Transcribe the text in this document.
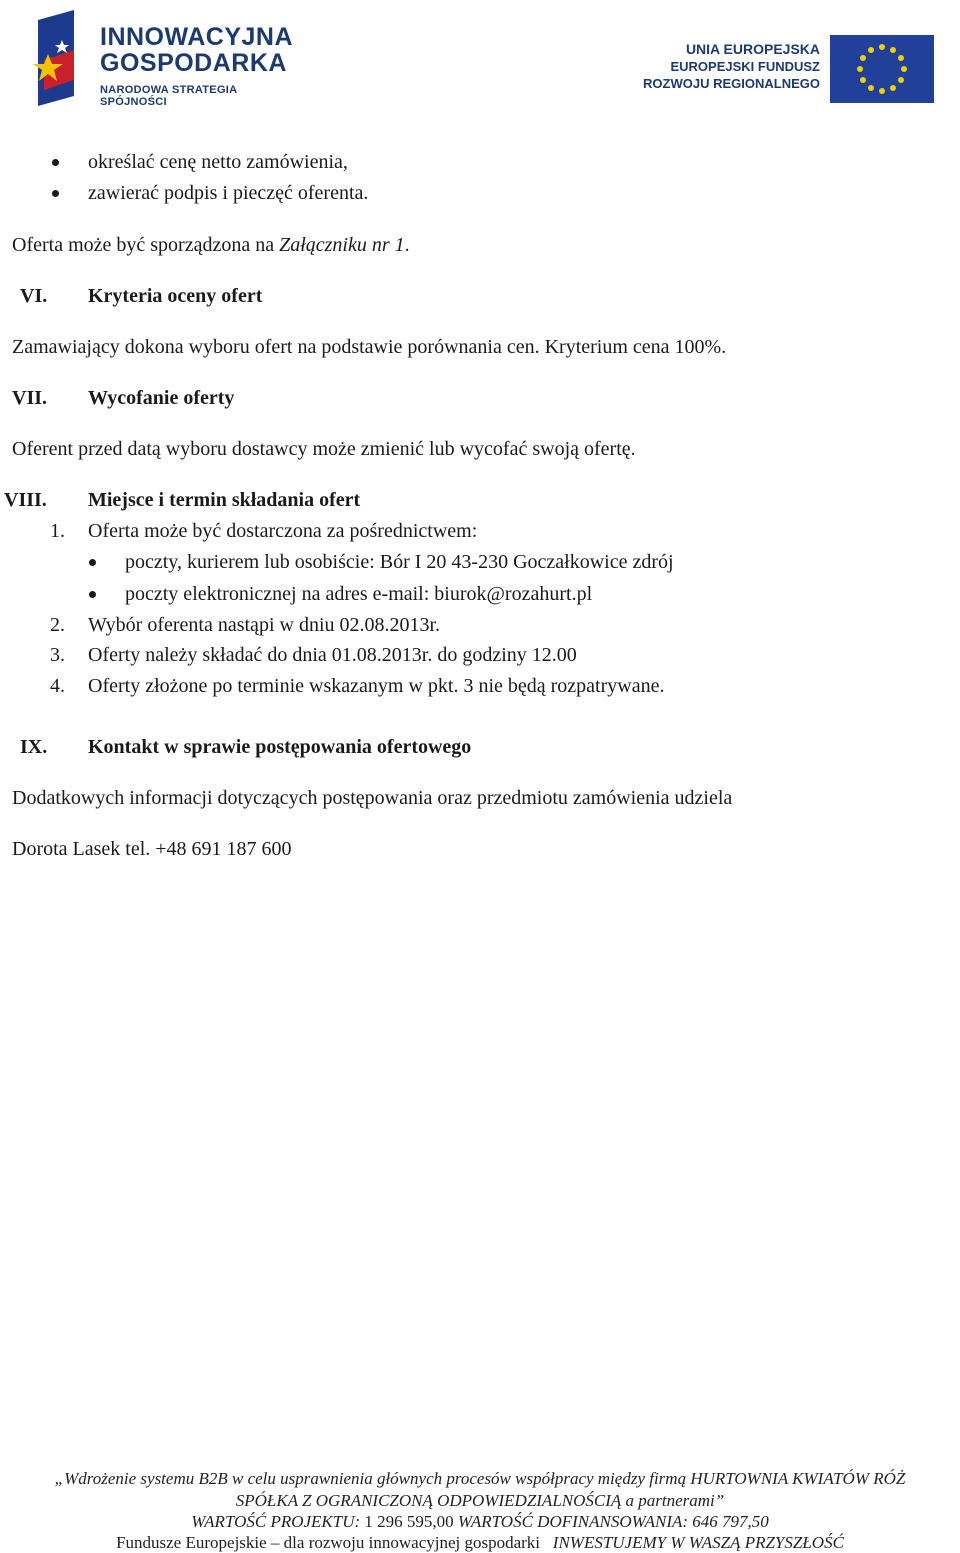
INNOWACYJNA
GOSPODARKA
NARODOWA STRATEGIA SPÓJNOŚCI
UNIA EUROPEJSKA
EUROPEJSKI FUNDUSZ
ROZWOJU REGIONALNEGO
określać cenę netto zamówienia,
zawierać podpis i pieczęć oferenta.
Oferta może być sporządzona na Załączniku nr 1.
VI. Kryteria oceny ofert
Zamawiający dokona wyboru ofert na podstawie porównania cen. Kryterium cena 100%.
VII. Wycofanie oferty
Oferent przed datą wyboru dostawcy może zmienić lub wycofać swoją ofertę.
VIII. Miejsce i termin składania ofert
1. Oferta może być dostarczona za pośrednictwem:
poczty, kurierem lub osobiście: Bór I 20 43-230 Goczałkowice zdrój
poczty elektronicznej na adres e-mail: biurok@rozahurt.pl
2. Wybór oferenta nastąpi w dniu 02.08.2013r.
3. Oferty należy składać do dnia 01.08.2013r. do godziny 12.00
4. Oferty złożone po terminie wskazanym w pkt. 3 nie będą rozpatrywane.
IX. Kontakt w sprawie postępowania ofertowego
Dodatkowych informacji dotyczących postępowania oraz przedmiotu zamówienia udziela
Dorota Lasek tel. +48 691 187 600
„Wdrożenie systemu B2B w celu usprawnienia głównych procesów współpracy między firmą HURTOWNIA KWIATÓW RÓŻ
SPÓŁKA Z OGRANICZONĄ ODPOWIEDZIALNOŚCIĄ a partnerami”
WARTOŚĆ PROJEKTU: 1 296 595,00 WARTOŚĆ DOFINANSOWANIA: 646 797,50
Fundusze Europejskie – dla rozwoju innowacyjnej gospodarki INWESTUJEMY W WASZĄ PRZYSZŁOŚĆ
